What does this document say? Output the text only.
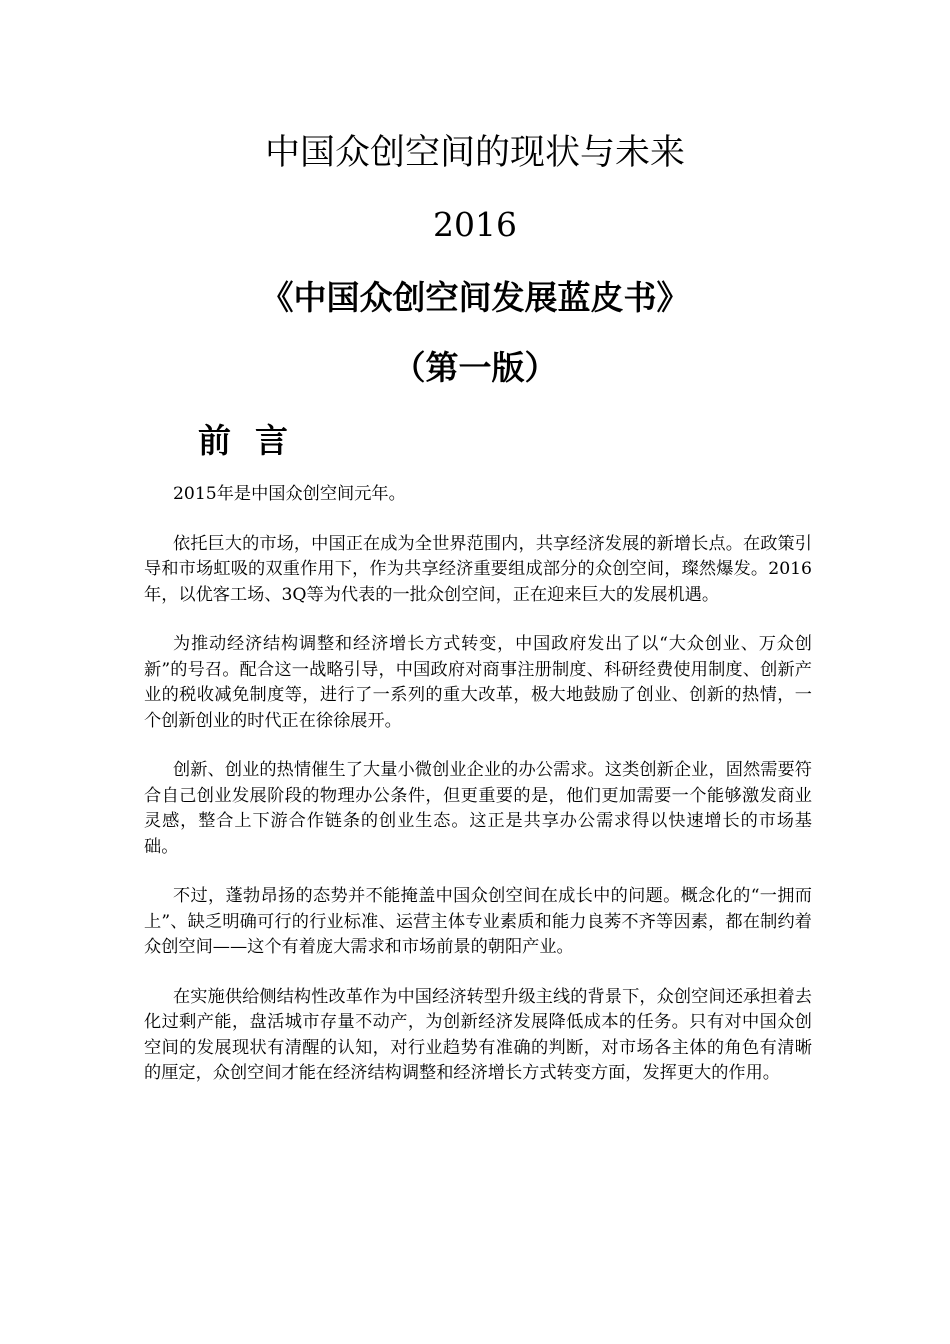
中国众创空间的现状与未来
2016
《中国众创空间发展蓝皮书》
（第一版）
前言

2015年是中国众创空间元年。

依托巨大的市场，中国正在成为全世界范围内，共享经济发展的新增长点。在政策引导和市场虹吸的双重作用下，作为共享经济重要组成部分的众创空间，璨然爆发。2016年，以优客工场、3Q等为代表的一批众创空间，正在迎来巨大的发展机遇。

为推动经济结构调整和经济增长方式转变，中国政府发出了以“大众创业、万众创新”的号召。配合这一战略引导，中国政府对商事注册制度、科研经费使用制度、创新产业的税收减免制度等，进行了一系列的重大改革，极大地鼓励了创业、创新的热情，一个创新创业的时代正在徐徐展开。

创新、创业的热情催生了大量小微创业企业的办公需求。这类创新企业，固然需要符合自己创业发展阶段的物理办公条件，但更重要的是，他们更加需要一个能够激发商业灵感，整合上下游合作链条的创业生态。这正是共享办公需求得以快速增长的市场基础。

不过，蓬勃昂扬的态势并不能掩盖中国众创空间在成长中的问题。概念化的“一拥而上”、缺乏明确可行的行业标准、运营主体专业素质和能力良莠不齐等因素，都在制约着众创空间——这个有着庞大需求和市场前景的朝阳产业。

在实施供给侧结构性改革作为中国经济转型升级主线的背景下，众创空间还承担着去化过剩产能，盘活城市存量不动产，为创新经济发展降低成本的任务。只有对中国众创空间的发展现状有清醒的认知，对行业趋势有准确的判断，对市场各主体的角色有清晰的厘定，众创空间才能在经济结构调整和经济增长方式转变方面，发挥更大的作用。
